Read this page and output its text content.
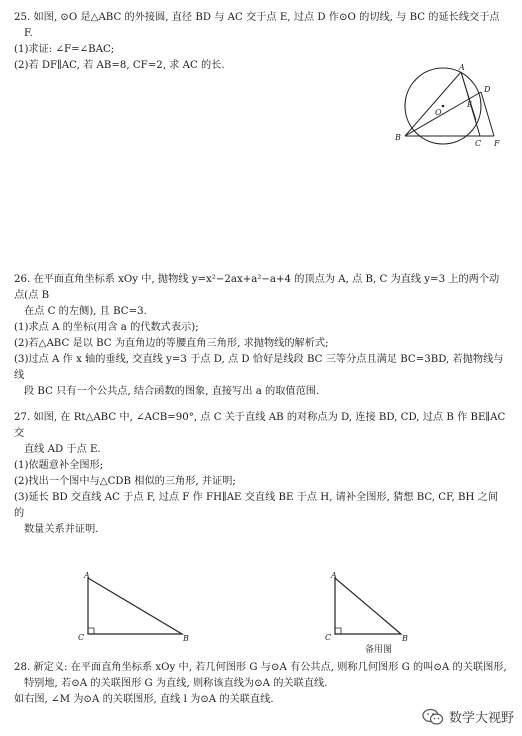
25. 如图, ⊙O 是△ABC 的外接圆, 直径 BD 与 AC 交于点 E, 过点 D 作⊙O 的切线, 与 BC 的延长线交于点

F.

(1)求证: ∠F=∠BAC;

(2)若 DF∥AC, 若 AB=8, CF=2, 求 AC 的长.	A
B
C
D
E
F
O

26. 在平面直角坐标系 xOy 中, 抛物线 y=x²−2ax+a²−a+4 的顶点为 A, 点 B, C 为直线 y=3 上的两个动点(点 B

在点 C 的左侧), 且 BC=3.

(1)求点 A 的坐标(用含 a 的代数式表示);

(2)若△ABC 是以 BC 为直角边的等腰直角三角形, 求抛物线的解析式;

(3)过点 A 作 x 轴的垂线, 交直线 y=3 于点 D, 点 D 恰好是线段 BC 三等分点且满足 BC=3BD, 若抛物线与线

段 BC 只有一个公共点, 结合函数的图象, 直接写出 a 的取值范围.

27. 如图, 在 Rt△ABC 中, ∠ACB=90°, 点 C 关于直线 AB 的对称点为 D, 连接 BD, CD, 过点 B 作 BE∥AC 交

直线 AD 于点 E.

(1)依题意补全图形;

(2)找出一个图中与△CDB 相似的三角形, 并证明;

(3)延长 BD 交直线 AC 于点 F, 过点 F 作 FH∥AE 交直线 BE 于点 H, 请补全图形, 猜想 BC, CF, BH 之间的

数量关系并证明.

A
C	B
A
C	B
备用图

28. 新定义: 在平面直角坐标系 xOy 中, 若几何图形 G 与⊙A 有公共点, 则称几何图形 G 的叫⊙A 的关联图形,

特别地, 若⊙A 的关联图形 G 为直线, 则称该直线为⊙A 的关联直线.

如右图, ∠M 为⊙A 的关联图形, 直线 l 为⊙A 的关联直线.

数学大视野
